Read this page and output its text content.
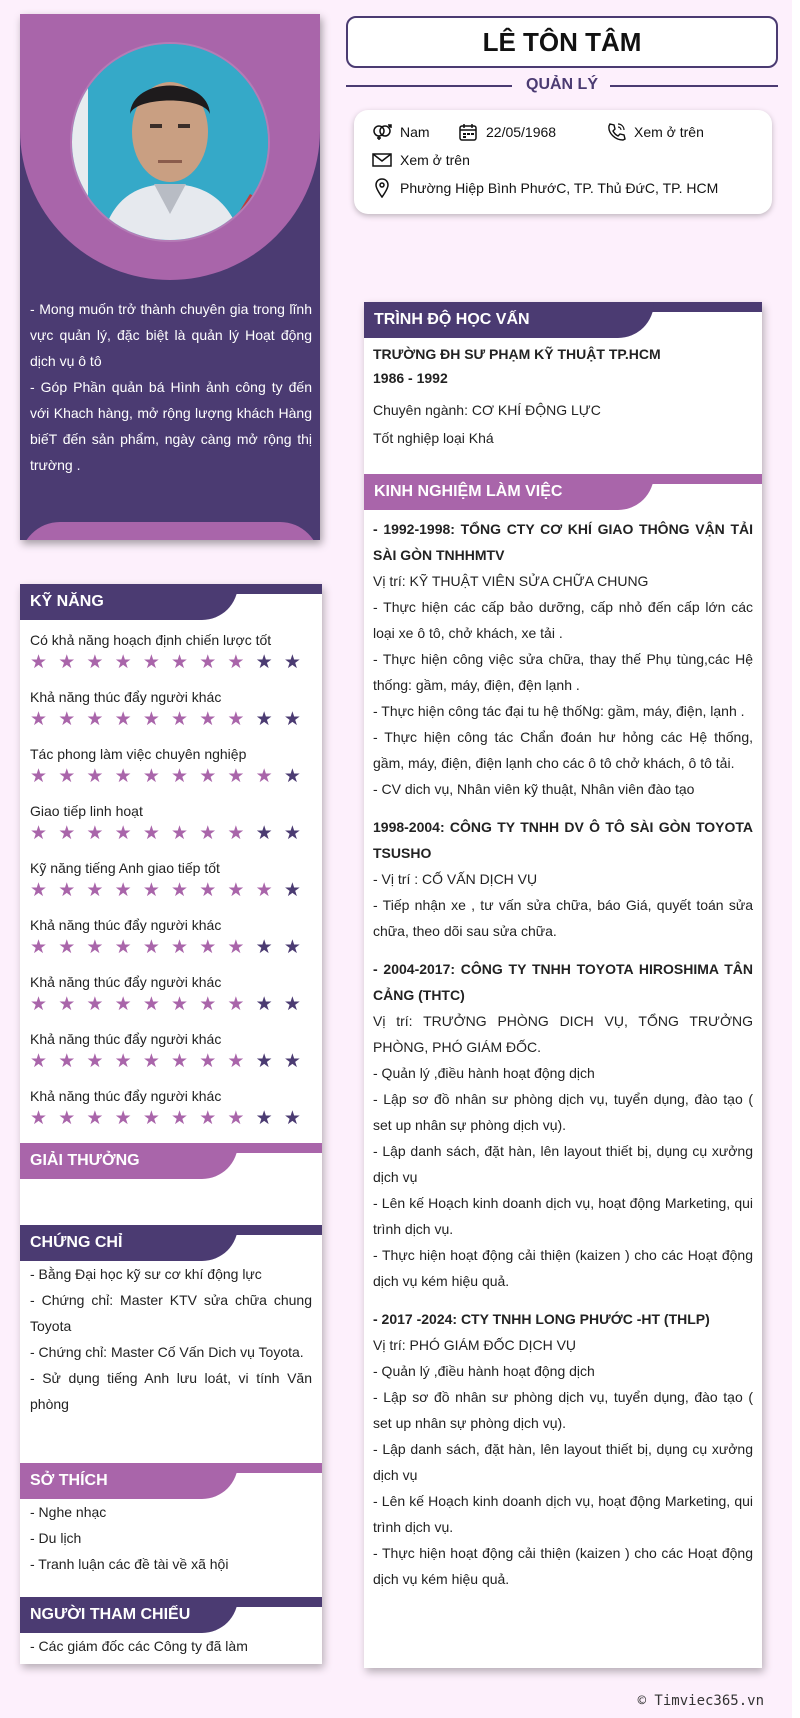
- Mong muốn trở thành chuyên gia trong lĩnh vực quản lý, đặc biệt là quản lý Hoạt động dịch vụ ô tô

- Góp Phần quản bá Hình ảnh công ty đến với Khach hàng, mở rộng lượng khách Hàng biếT đến sản phẩm, ngày càng mở rộng thị trường .

KỸ NĂNG
Có khả năng hoạch định chiến lược tốt
★ ★ ★ ★ ★ ★ ★ ★ ★ ★
Khả năng thúc đẩy người khác
★ ★ ★ ★ ★ ★ ★ ★ ★ ★
Tác phong làm việc chuyên nghiệp
★ ★ ★ ★ ★ ★ ★ ★ ★ ★
Giao tiếp linh hoạt
★ ★ ★ ★ ★ ★ ★ ★ ★ ★
Kỹ năng tiếng Anh giao tiếp tốt
★ ★ ★ ★ ★ ★ ★ ★ ★ ★
Khả năng thúc đẩy người khác
★ ★ ★ ★ ★ ★ ★ ★ ★ ★
Khả năng thúc đẩy người khác
★ ★ ★ ★ ★ ★ ★ ★ ★ ★
Khả năng thúc đẩy người khác
★ ★ ★ ★ ★ ★ ★ ★ ★ ★
Khả năng thúc đẩy người khác
★ ★ ★ ★ ★ ★ ★ ★ ★ ★
GIẢI THƯỞNG
CHỨNG CHỈ
- Bằng Đại học kỹ sư cơ khí động lực
- Chứng chỉ: Master KTV sửa chữa chung Toyota
- Chứng chỉ: Master Cố Vấn Dich vụ Toyota.
- Sử dụng tiếng Anh lưu loát, vi tính Văn phòng
SỞ THÍCH
- Nghe nhạc
- Du lịch
- Tranh luận các đề tài về xã hội
NGƯỜI THAM CHIẾU
- Các giám đốc các Công ty đã làm
LÊ TÔN TÂM
QUẢN LÝ
Nam	22/05/1968	Xem ở trên
Xem ở trên
Phường Hiệp Bình PhướC, TP. Thủ ĐứC, TP. HCM
TRÌNH ĐỘ HỌC VẤN
TRƯỜNG ĐH SƯ PHẠM KỸ THUẬT TP.HCM
1986 - 1992
Chuyên ngành: CƠ KHÍ ĐỘNG LỰC
Tốt nghiệp loại Khá
KINH NGHIỆM LÀM VIỆC
- 1992-1998: TỔNG CTY CƠ KHÍ GIAO THÔNG VẬN TẢI SÀI GÒN TNHHMTV
Vị trí: KỸ THUẬT VIÊN SỬA CHỮA CHUNG
- Thực hiện các cấp bảo dưỡng, cấp nhỏ đến cấp lớn các loại xe ô tô, chở khách, xe tải .
- Thực hiện công việc sửa chữa, thay thế Phụ tùng,các Hệ thống: gầm, máy, điện, đện lạnh .
- Thực hiện công tác đại tu hệ thốNg: gầm, máy, điện, lạnh .
- Thực hiện công tác Chẩn đoán hư hỏng các Hệ thống, gầm, máy, điện, điện lạnh cho các ô tô chở khách, ô tô tải.
- CV dich vụ, Nhân viên kỹ thuật, Nhân viên đào tạo
1998-2004: CÔNG TY TNHH DV Ô TÔ SÀI GÒN TOYOTA TSUSHO
- Vị trí : CỐ VẤN DỊCH VỤ
- Tiếp nhận xe , tư vấn sửa chữa, báo Giá, quyết toán sửa chữa, theo dõi sau sửa chữa.
- 2004-2017: CÔNG TY TNHH TOYOTA HIROSHIMA TÂN CẢNG (THTC)
Vị trí: TRƯỞNG PHÒNG DICH VỤ, TỔNG TRƯỞNG PHÒNG, PHÓ GIÁM ĐỐC.
- Quản lý ,điều hành hoạt động dịch
- Lập sơ đồ nhân sư phòng dịch vụ, tuyển dụng, đào tạo ( set up nhân sự phòng dịch vụ).
- Lập danh sách, đặt hàn, lên layout thiết bị, dụng cụ xưởng dịch vụ
- Lên kế Hoạch kinh doanh dịch vụ, hoạt động Marketing, qui trình dịch vụ.
- Thực hiện hoạt động cải thiện (kaizen ) cho các Hoạt động dịch vụ kém hiệu quả.
- 2017 -2024: CTY TNHH LONG PHƯỚC -HT (THLP)
Vị trí: PHÓ GIÁM ĐỐC DỊCH VỤ
- Quản lý ,điều hành hoạt động dịch
- Lập sơ đồ nhân sư phòng dịch vụ, tuyển dụng, đào tạo ( set up nhân sự phòng dịch vụ).
- Lập danh sách, đặt hàn, lên layout thiết bị, dụng cụ xưởng dịch vụ
- Lên kế Hoạch kinh doanh dịch vụ, hoạt động Marketing, qui trình dịch vụ.
- Thực hiện hoạt động cải thiện (kaizen ) cho các Hoạt động dịch vụ kém hiệu quả.
© Timviec365.vn
